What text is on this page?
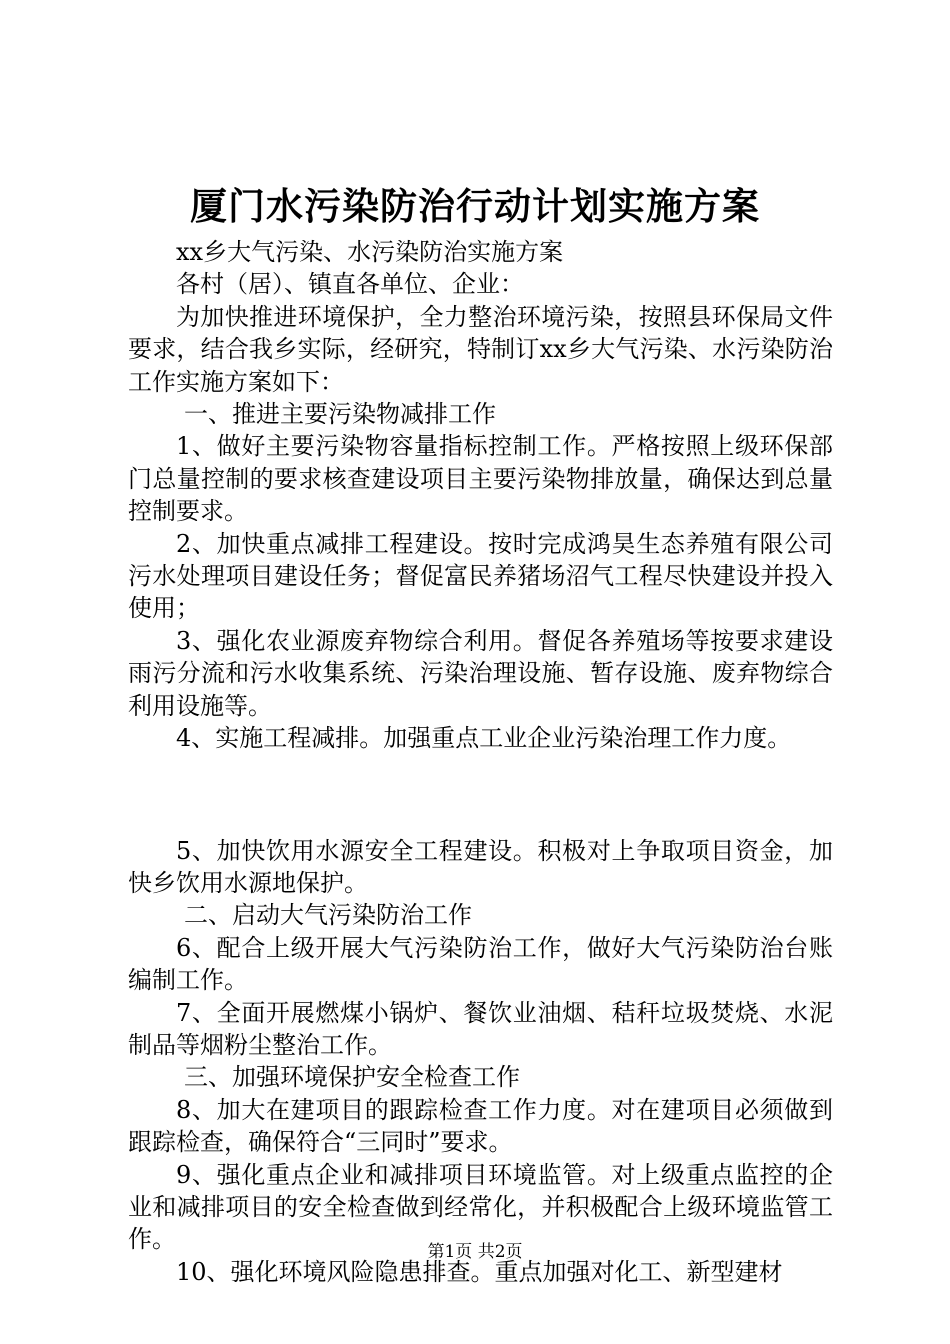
厦门水污染防治行动计划实施方案

xx乡大气污染、水污染防治实施方案

各村（居）、镇直各单位、企业：

为加快推进环境保护，全力整治环境污染，按照县环保局文件要求，结合我乡实际，经研究，特制订xx乡大气污染、水污染防治工作实施方案如下：

一、推进主要污染物减排工作

1、做好主要污染物容量指标控制工作。严格按照上级环保部门总量控制的要求核查建设项目主要污染物排放量，确保达到总量控制要求。

2、加快重点减排工程建设。按时完成鸿昊生态养殖有限公司污水处理项目建设任务；督促富民养猪场沼气工程尽快建设并投入使用；

3、强化农业源废弃物综合利用。督促各养殖场等按要求建设雨污分流和污水收集系统、污染治理设施、暂存设施、废弃物综合利用设施等。

4、实施工程减排。加强重点工业企业污染治理工作力度。

5、加快饮用水源安全工程建设。积极对上争取项目资金，加快乡饮用水源地保护。

二、启动大气污染防治工作

6、配合上级开展大气污染防治工作，做好大气污染防治台账编制工作。

7、全面开展燃煤小锅炉、餐饮业油烟、秸秆垃圾焚烧、水泥制品等烟粉尘整治工作。

三、加强环境保护安全检查工作

8、加大在建项目的跟踪检查工作力度。对在建项目必须做到跟踪检查，确保符合“三同时”要求。

9、强化重点企业和减排项目环境监管。对上级重点监控的企业和减排项目的安全检查做到经常化，并积极配合上级环境监管工作。

10、强化环境风险隐患排查。重点加强对化工、新型建材

第1页 共2页
